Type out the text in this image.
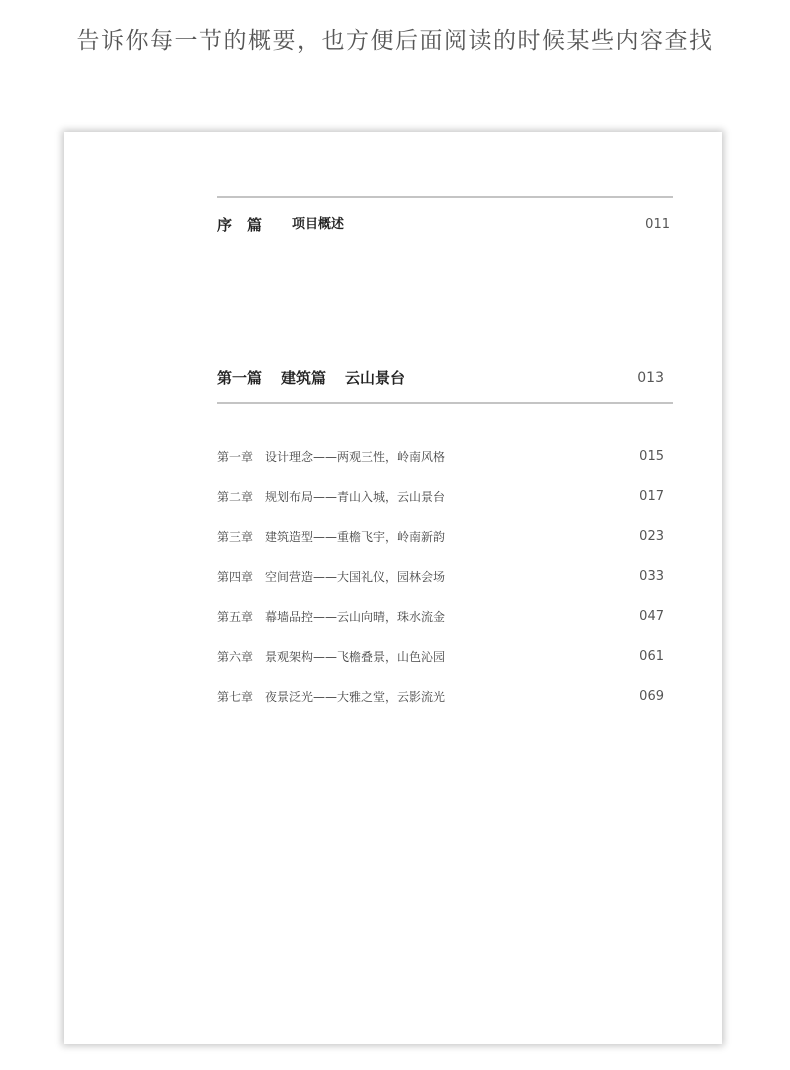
告诉你每一节的概要，也方便后面阅读的时候某些内容查找
序　篇 项目概述	011
第一篇 建筑篇 云山景台	013
第一章 设计理念——两观三性，岭南风格	015
第二章 规划布局——青山入城，云山景台	017
第三章 建筑造型——重檐飞宇，岭南新韵	023
第四章 空间营造——大国礼仪，园林会场	033
第五章 幕墙品控——云山向晴，珠水流金	047
第六章 景观架构——飞檐叠景，山色沁园	061
第七章 夜景泛光——大雅之堂，云影流光	069
